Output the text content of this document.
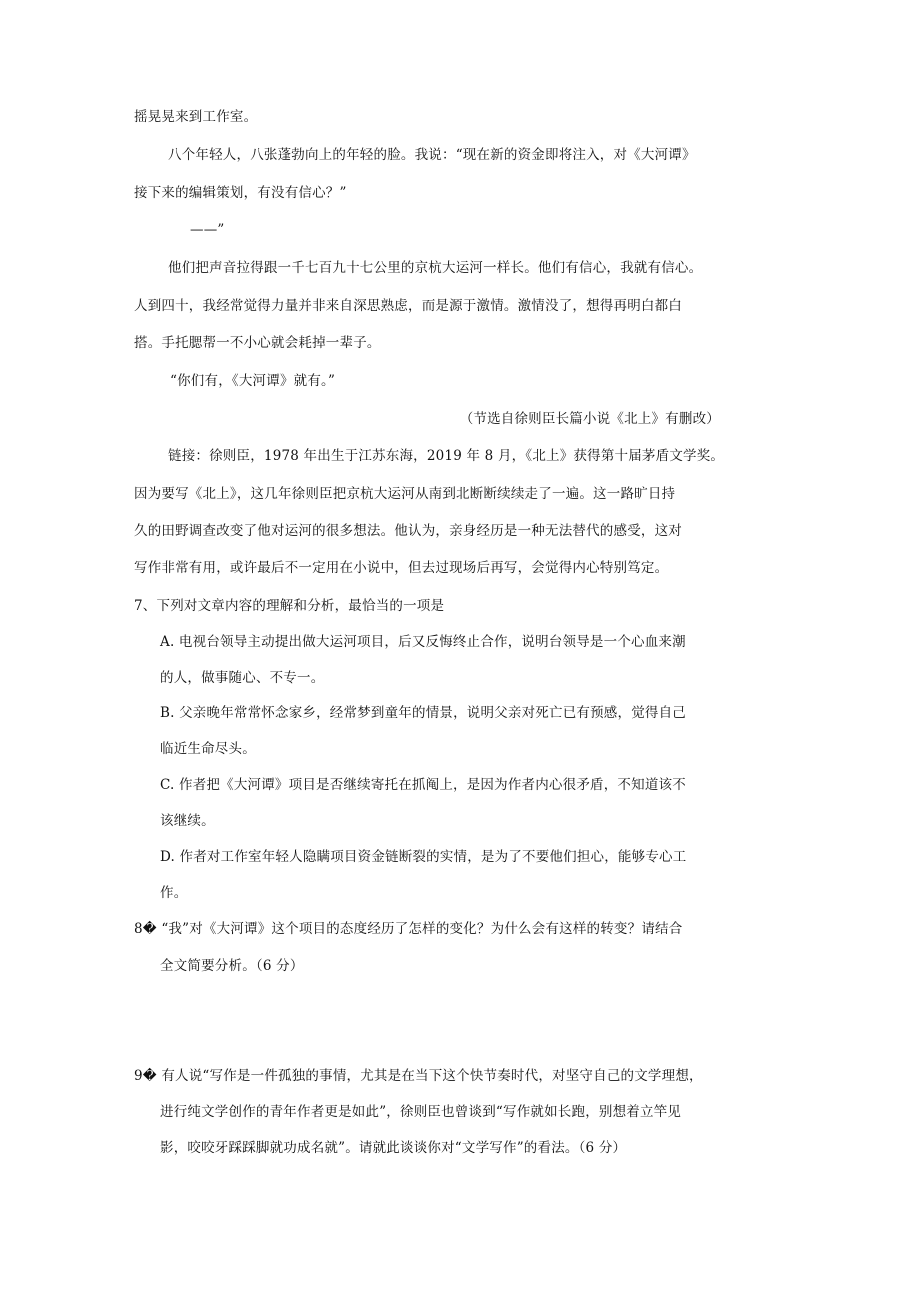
摇晃晃来到工作室。
八个年轻人，八张蓬勃向上的年轻的脸。我说：“现在新的资金即将注入，对《大河谭》
接下来的编辑策划，有没有信心？”
——”
他们把声音拉得跟一千七百九十七公里的京杭大运河一样长。他们有信心，我就有信心。
人到四十，我经常觉得力量并非来自深思熟虑，而是源于激情。激情没了，想得再明白都白
搭。手托腮帮一不小心就会耗掉一辈子。
“你们有，《大河谭》就有。”
（节选自徐则臣长篇小说《北上》有删改）
链接：徐则臣，1978 年出生于江苏东海，2019 年 8 月，《北上》获得第十届茅盾文学奖。
因为要写《北上》，这几年徐则臣把京杭大运河从南到北断断续续走了一遍。这一路旷日持
久的田野调查改变了他对运河的很多想法。他认为，亲身经历是一种无法替代的感受，这对
写作非常有用，或许最后不一定用在小说中，但去过现场后再写，会觉得内心特别笃定。
7、下列对文章内容的理解和分析，最恰当的一项是
A. 电视台领导主动提出做大运河项目，后又反悔终止合作，说明台领导是一个心血来潮
的人，做事随心、不专一。
B. 父亲晚年常常怀念家乡，经常梦到童年的情景，说明父亲对死亡已有预感，觉得自己
临近生命尽头。
C. 作者把《大河谭》项目是否继续寄托在抓阄上，是因为作者内心很矛盾，不知道该不
该继续。
D. 作者对工作室年轻人隐瞒项目资金链断裂的实情，是为了不要他们担心，能够专心工
作。
8� “我”对《大河谭》这个项目的态度经历了怎样的变化？为什么会有这样的转变？请结合
全文简要分析。（6 分）
9� 有人说“写作是一件孤独的事情，尤其是在当下这个快节奏时代，对坚守自己的文学理想，
进行纯文学创作的青年作者更是如此”，徐则臣也曾谈到“写作就如长跑，别想着立竿见
影，咬咬牙踩踩脚就功成名就”。请就此谈谈你对“文学写作”的看法。（6 分）
